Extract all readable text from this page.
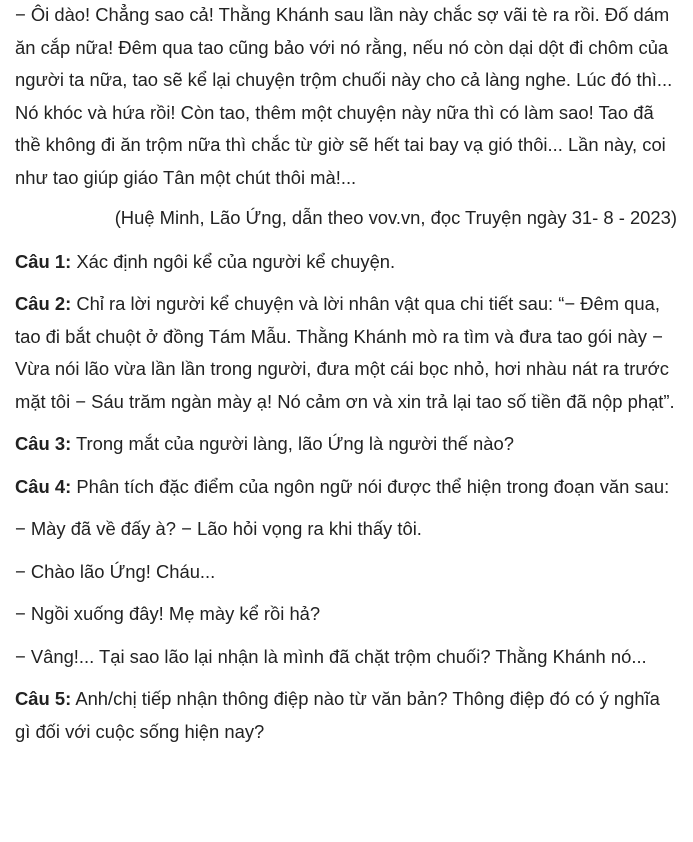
− Ôi dào! Chẳng sao cả! Thằng Khánh sau lần này chắc sợ vãi tè ra rồi. Đố dám ăn cắp nữa! Đêm qua tao cũng bảo với nó rằng, nếu nó còn dại dột đi chôm của người ta nữa, tao sẽ kể lại chuyện trộm chuối này cho cả làng nghe. Lúc đó thì... Nó khóc và hứa rồi! Còn tao, thêm một chuyện này nữa thì có làm sao! Tao đã thề không đi ăn trộm nữa thì chắc từ giờ sẽ hết tai bay vạ gió thôi... Lần này, coi như tao giúp giáo Tân một chút thôi mà!...

(Huệ Minh, Lão Ứng, dẫn theo vov.vn, đọc Truyện ngày 31- 8 - 2023)

Câu 1: Xác định ngôi kể của người kể chuyện.

Câu 2: Chỉ ra lời người kể chuyện và lời nhân vật qua chi tiết sau: “− Đêm qua, tao đi bắt chuột ở đồng Tám Mẫu. Thằng Khánh mò ra tìm và đưa tao gói này − Vừa nói lão vừa lần lần trong người, đưa một cái bọc nhỏ, hơi nhàu nát ra trước mặt tôi − Sáu trăm ngàn mày ạ! Nó cảm ơn và xin trả lại tao số tiền đã nộp phạt”.

Câu 3: Trong mắt của người làng, lão Ứng là người thế nào?

Câu 4: Phân tích đặc điểm của ngôn ngữ nói được thể hiện trong đoạn văn sau:

− Mày đã về đấy à? − Lão hỏi vọng ra khi thấy tôi.

− Chào lão Ứng! Cháu...

− Ngồi xuống đây! Mẹ mày kể rồi hả?

− Vâng!... Tại sao lão lại nhận là mình đã chặt trộm chuối? Thằng Khánh nó...

Câu 5: Anh/chị tiếp nhận thông điệp nào từ văn bản? Thông điệp đó có ý nghĩa gì đối với cuộc sống hiện nay?
